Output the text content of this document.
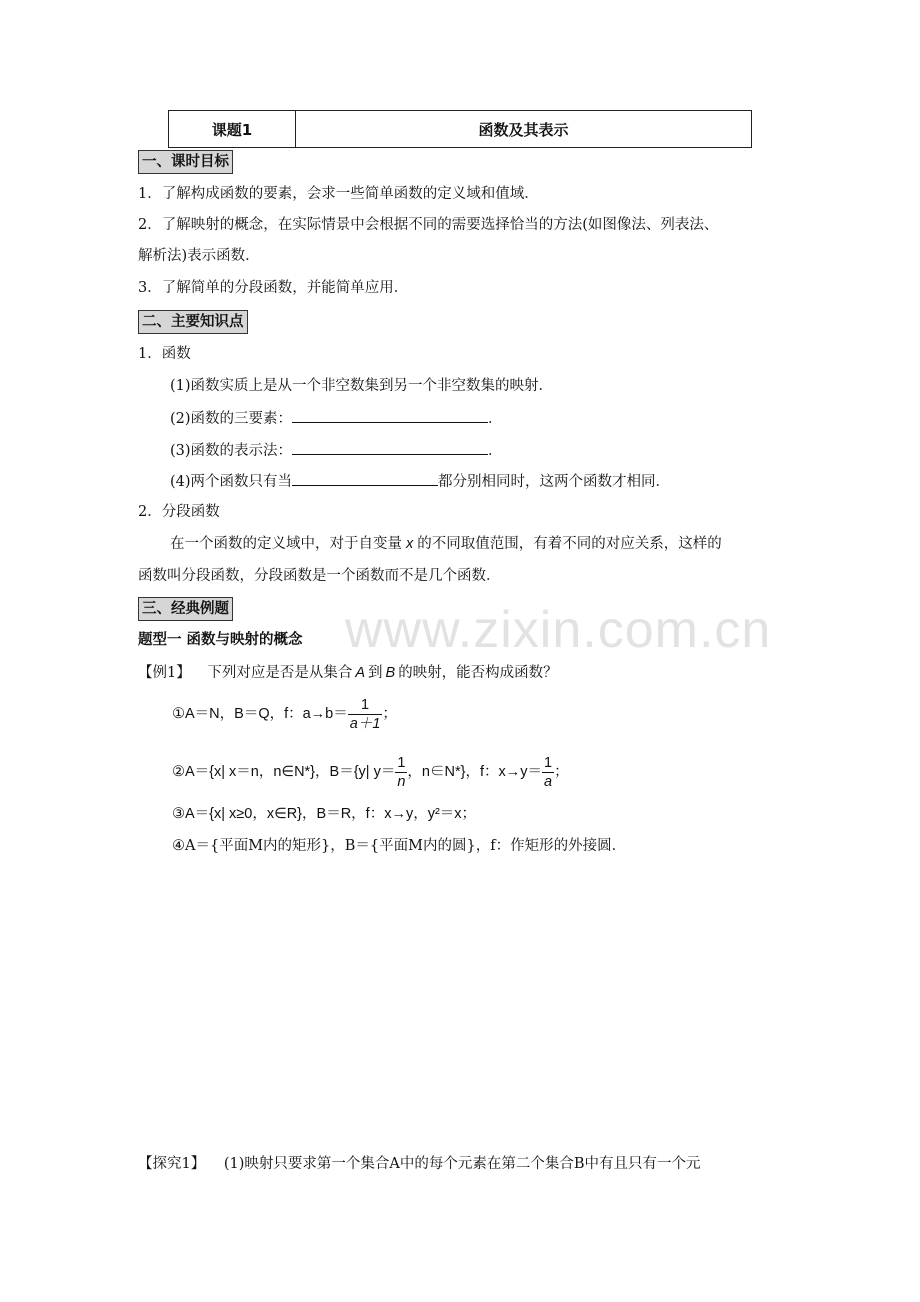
www.zixin.com.cn
课题1	函数及其表示
一、课时目标
1．了解构成函数的要素，会求一些简单函数的定义域和值域．
2．了解映射的概念，在实际情景中会根据不同的需要选择恰当的方法(如图像法、列表法、
解析法)表示函数．
3．了解简单的分段函数，并能简单应用．
二、主要知识点
1．函数
(1)函数实质上是从一个非空数集到另一个非空数集的映射．
(2)函数的三要素：	．
(3)函数的表示法：	．
(4)两个函数只有当	都分别相同时，这两个函数才相同．
2．分段函数
在一个函数的定义域中，对于自变量 x 的不同取值范围，有着不同的对应关系，这样的
函数叫分段函数，分段函数是一个函数而不是几个函数．
三、经典例题
题型一 函数与映射的概念
【例1】 下列对应是否是从集合 A 到 B 的映射，能否构成函数？
①A＝N，B＝Q，f：$a\to b= \frac{1}{a+1}$ ；
②A＝{x| x＝n，n∈N*}，B＝{y| $y= \frac{1}{n}$ ，n∈N*}，f：$x\to y= \frac{1}{a}$ ；
③A＝{x| x≥0，x∈R}，B＝R，f：x→y，y²＝x；
④A＝{平面M内的矩形}，B＝{平面M内的圆}，f：作矩形的外接圆．
【探究1】 (1)映射只要求第一个集合A中的每个元素在第二个集合B中有且只有一个元
